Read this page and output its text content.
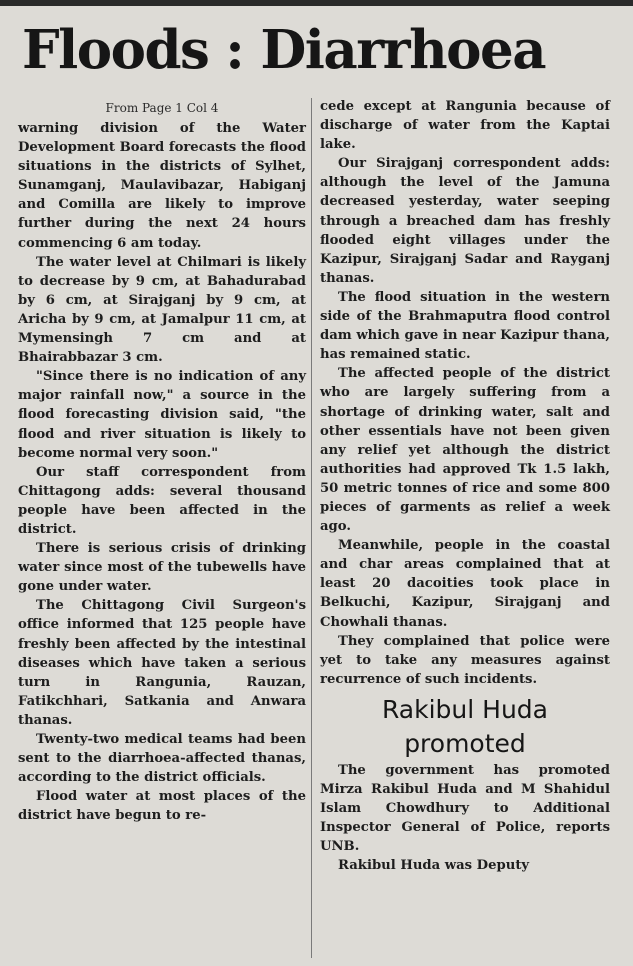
Floods : Diarrhoea

From Page 1 Col 4

warning division of the Water Development Board forecasts the flood situations in the districts of Sylhet, Sunamganj, Maulavibazar, Habiganj and Comilla are likely to improve further during the next 24 hours commencing 6 am today.

The water level at Chilmari is likely to decrease by 9 cm, at Bahadurabad by 6 cm, at Sirajganj by 9 cm, at Aricha by 9 cm, at Jamalpur 11 cm, at Mymensingh 7 cm and at Bhairabbazar 3 cm.

"Since there is no indication of any major rainfall now," a source in the flood forecasting division said, "the flood and river situation is likely to become normal very soon."

Our staff correspondent from Chittagong adds: several thousand people have been affected in the district.

There is serious crisis of drinking water since most of the tubewells have gone under water.

The Chittagong Civil Surgeon's office informed that 125 people have freshly been affected by the intestinal diseases which have taken a serious turn in Rangunia, Rauzan, Fatikchhari, Satkania and Anwara thanas.

Twenty-two medical teams had been sent to the diarrhoea-affected thanas, according to the district officials.

Flood water at most places of the district have begun to re-

cede except at Rangunia because of discharge of water from the Kaptai lake.

Our Sirajganj correspondent adds: although the level of the Jamuna decreased yesterday, water seeping through a breached dam has freshly flooded eight villages under the Kazipur, Sirajganj Sadar and Rayganj thanas.

The flood situation in the western side of the Brahmaputra flood control dam which gave in near Kazipur thana, has remained static.

The affected people of the district who are largely suffering from a shortage of drinking water, salt and other essentials have not been given any relief yet although the district authorities had approved Tk 1.5 lakh, 50 metric tonnes of rice and some 800 pieces of garments as relief a week ago.

Meanwhile, people in the coastal and char areas complained that at least 20 dacoities took place in Belkuchi, Kazipur, Sirajganj and Chowhali thanas.

They complained that police were yet to take any measures against recurrence of such incidents.

Rakibul Huda
promoted

The government has promoted Mirza Rakibul Huda and M Shahidul Islam Chowdhury to Additional Inspector General of Police, reports UNB.

Rakibul Huda was Deputy
